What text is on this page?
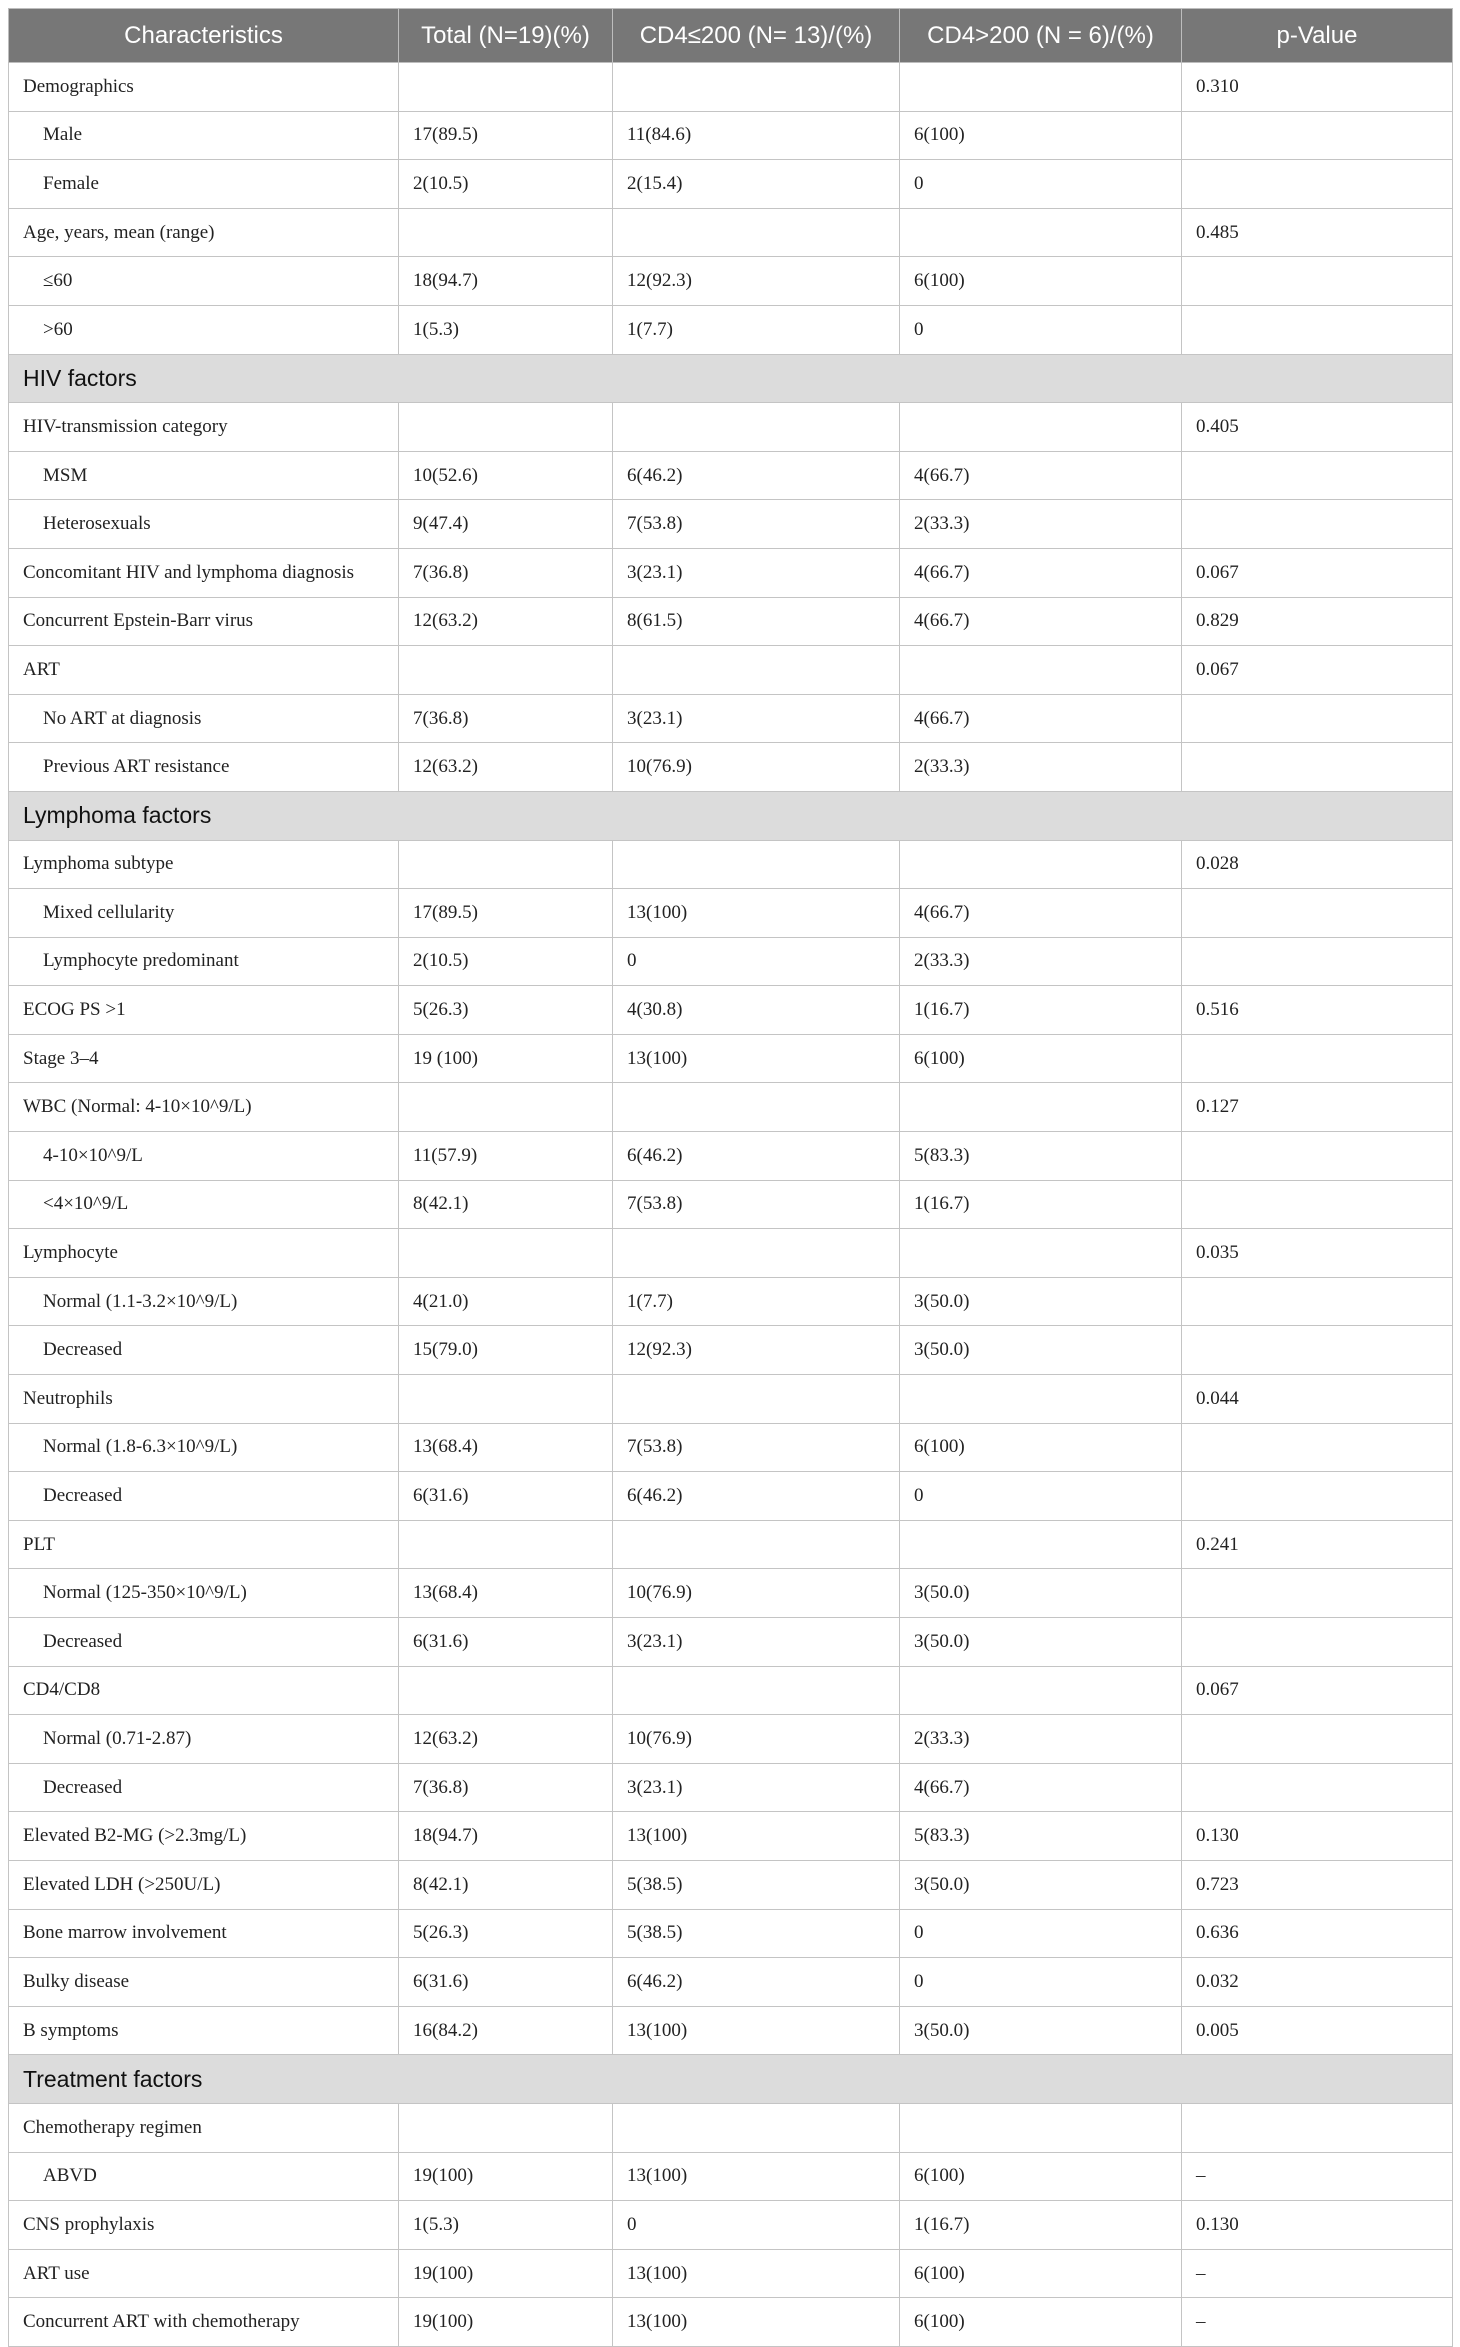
Characteristics	Total (N=19)(%)	CD4≤200 (N= 13)/(%)	CD4>200 (N = 6)/(%)	p-Value
Demographics				0.310
Male	17(89.5)	11(84.6)	6(100)	
Female	2(10.5)	2(15.4)	0	
Age, years, mean (range)				0.485
≤60	18(94.7)	12(92.3)	6(100)	
>60	1(5.3)	1(7.7)	0	
HIV factors				
HIV-transmission category				0.405
MSM	10(52.6)	6(46.2)	4(66.7)	
Heterosexuals	9(47.4)	7(53.8)	2(33.3)	
Concomitant HIV and lymphoma diagnosis	7(36.8)	3(23.1)	4(66.7)	0.067
Concurrent Epstein-Barr virus	12(63.2)	8(61.5)	4(66.7)	0.829
ART				0.067
No ART at diagnosis	7(36.8)	3(23.1)	4(66.7)	
Previous ART resistance	12(63.2)	10(76.9)	2(33.3)	
Lymphoma factors				
Lymphoma subtype				0.028
Mixed cellularity	17(89.5)	13(100)	4(66.7)	
Lymphocyte predominant	2(10.5)	0	2(33.3)	
ECOG PS >1	5(26.3)	4(30.8)	1(16.7)	0.516
Stage 3–4	19 (100)	13(100)	6(100)	
WBC (Normal: 4-10×10^9/L)				0.127
4-10×10^9/L	11(57.9)	6(46.2)	5(83.3)	
<4×10^9/L	8(42.1)	7(53.8)	1(16.7)	
Lymphocyte				0.035
Normal (1.1-3.2×10^9/L)	4(21.0)	1(7.7)	3(50.0)	
Decreased	15(79.0)	12(92.3)	3(50.0)	
Neutrophils				0.044
Normal (1.8-6.3×10^9/L)	13(68.4)	7(53.8)	6(100)	
Decreased	6(31.6)	6(46.2)	0	
PLT				0.241
Normal (125-350×10^9/L)	13(68.4)	10(76.9)	3(50.0)	
Decreased	6(31.6)	3(23.1)	3(50.0)	
CD4/CD8				0.067
Normal (0.71-2.87)	12(63.2)	10(76.9)	2(33.3)	
Decreased	7(36.8)	3(23.1)	4(66.7)	
Elevated B2-MG (>2.3mg/L)	18(94.7)	13(100)	5(83.3)	0.130
Elevated LDH (>250U/L)	8(42.1)	5(38.5)	3(50.0)	0.723
Bone marrow involvement	5(26.3)	5(38.5)	0	0.636
Bulky disease	6(31.6)	6(46.2)	0	0.032
B symptoms	16(84.2)	13(100)	3(50.0)	0.005
Treatment factors				
Chemotherapy regimen				
ABVD	19(100)	13(100)	6(100)	–
CNS prophylaxis	1(5.3)	0	1(16.7)	0.130
ART use	19(100)	13(100)	6(100)	–
Concurrent ART with chemotherapy	19(100)	13(100)	6(100)	–
